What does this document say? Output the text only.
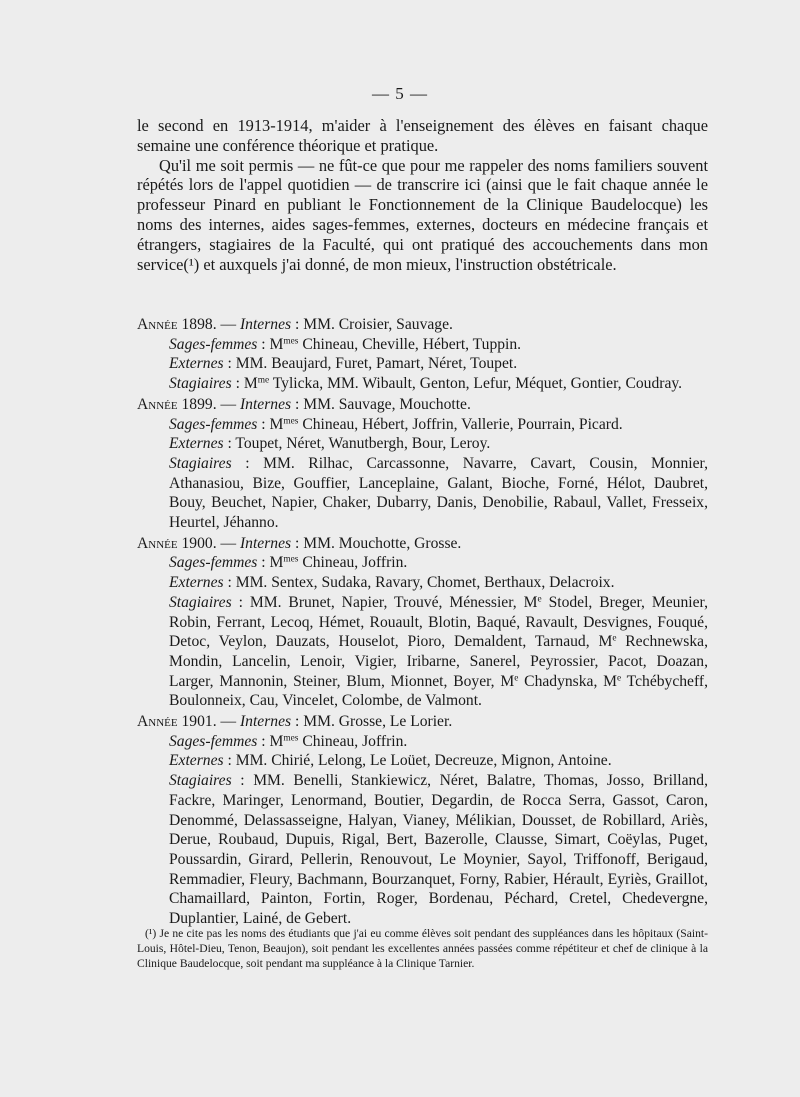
— 5 —

le second en 1913-1914, m'aider à l'enseignement des élèves en faisant chaque semaine une conférence théorique et pratique.

Qu'il me soit permis — ne fût-ce que pour me rappeler des noms familiers souvent répétés lors de l'appel quotidien — de transcrire ici (ainsi que le fait chaque année le professeur Pinard en publiant le Fonctionnement de la Clinique Baudelocque) les noms des internes, aides sages-femmes, externes, docteurs en médecine français et étrangers, stagiaires de la Faculté, qui ont pratiqué des accouchements dans mon service(¹) et auxquels j'ai donné, de mon mieux, l'instruction obstétricale.

Année 1898. — Internes : MM. Croisier, Sauvage.

Sages-femmes : $M^{mes}$ Chineau, Cheville, Hébert, Tuppin.

Externes : MM. Beaujard, Furet, Pamart, Néret, Toupet.

Stagiaires : $M^{me}$ Tylicka, MM. Wibault, Genton, Lefur, Méquet, Gontier, Coudray.

Année 1899. — Internes : MM. Sauvage, Mouchotte.

Sages-femmes : $M^{mes}$ Chineau, Hébert, Joffrin, Vallerie, Pourrain, Picard.

Externes : Toupet, Néret, Wanutbergh, Bour, Leroy.

Stagiaires : MM. Rilhac, Carcassonne, Navarre, Cavart, Cousin, Monnier, Athanasiou, Bize, Gouffier, Lanceplaine, Galant, Bioche, Forné, Hélot, Daubret, Bouy, Beuchet, Napier, Chaker, Dubarry, Danis, Denobilie, Rabaul, Vallet, Fresseix, Heurtel, Jéhanno.

Année 1900. — Internes : MM. Mouchotte, Grosse.

Sages-femmes : $M^{mes}$ Chineau, Joffrin.

Externes : MM. Sentex, Sudaka, Ravary, Chomet, Berthaux, Delacroix.

Stagiaires : MM. Brunet, Napier, Trouvé, Ménessier, Me Stodel, Breger, Meunier, Robin, Ferrant, Lecoq, Hémet, Rouault, Blotin, Baqué, Ravault, Desvignes, Fouqué, Detoc, Veylon, Dauzats, Houselot, Pioro, Demaldent, Tarnaud, Me Rechnewska, Mondin, Lancelin, Lenoir, Vigier, Iribarne, Sanerel, Peyrossier, Pacot, Doazan, Larger, Mannonin, Steiner, Blum, Mionnet, Boyer, Me Chadynska, Me Tchébycheff, Boulonneix, Cau, Vincelet, Colombe, de Valmont.

Année 1901. — Internes : MM. Grosse, Le Lorier.

Sages-femmes : $M^{mes}$ Chineau, Joffrin.

Externes : MM. Chirié, Lelong, Le Loüet, Decreuze, Mignon, Antoine.

Stagiaires : MM. Benelli, Stankiewicz, Néret, Balatre, Thomas, Josso, Brilland, Fackre, Maringer, Lenormand, Boutier, Degardin, de Rocca Serra, Gassot, Caron, Denommé, Delassasseigne, Halyan, Vianey, Mélikian, Dousset, de Robillard, Ariès, Derue, Roubaud, Dupuis, Rigal, Bert, Bazerolle, Clausse, Simart, Coëylas, Puget, Poussardin, Girard, Pellerin, Renouvout, Le Moynier, Sayol, Triffonoff, Berigaud, Remmadier, Fleury, Bachmann, Bourzanquet, Forny, Rabier, Hérault, Eyriès, Graillot, Chamaillard, Painton, Fortin, Roger, Bordenau, Péchard, Cretel, Chedevergne, Duplantier, Lainé, de Gebert.

(¹) Je ne cite pas les noms des étudiants que j'ai eu comme élèves soit pendant des suppléances dans les hôpitaux (Saint-Louis, Hôtel-Dieu, Tenon, Beaujon), soit pendant les excellentes années passées comme répétiteur et chef de clinique à la Clinique Baudelocque, soit pendant ma suppléance à la Clinique Tarnier.
